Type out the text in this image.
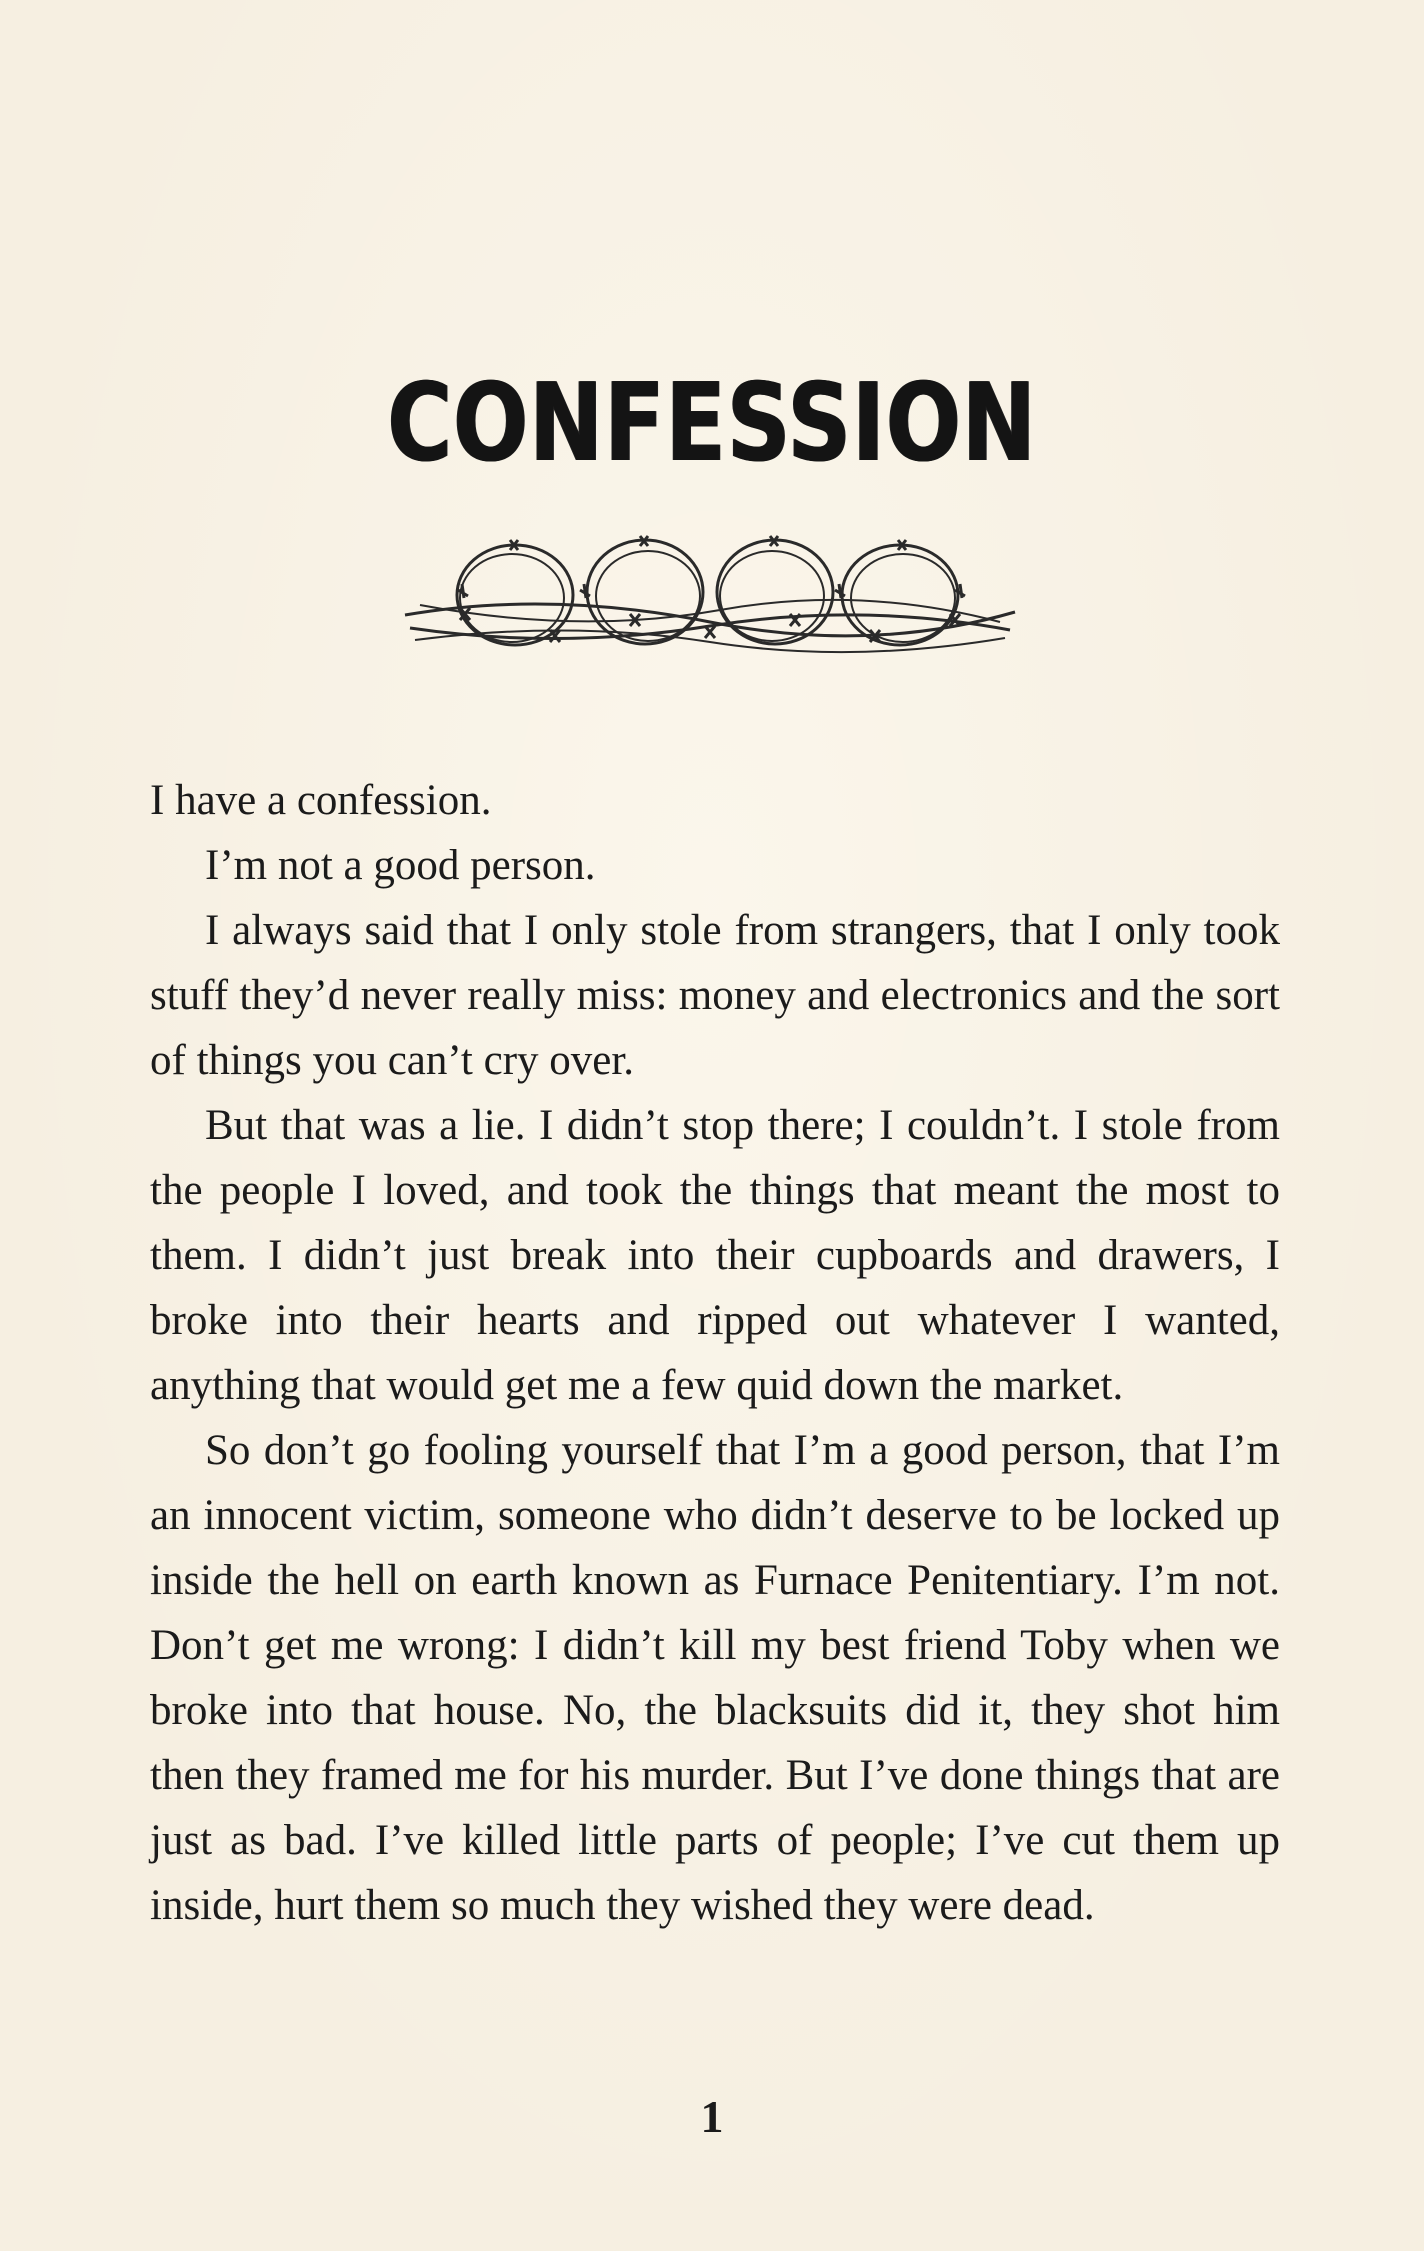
CONFESSION

I have a confession.

I’m not a good person.

I always said that I only stole from strangers, that I only took stuff they’d never really miss: money and electronics and the sort of things you can’t cry over.

But that was a lie. I didn’t stop there; I couldn’t. I stole from the people I loved, and took the things that meant the most to them. I didn’t just break into their cupboards and drawers, I broke into their hearts and ripped out whatever I wanted, anything that would get me a few quid down the market.

So don’t go fooling yourself that I’m a good person, that I’m an innocent victim, someone who didn’t deserve to be locked up inside the hell on earth known as Furnace Penitentiary. I’m not. Don’t get me wrong: I didn’t kill my best friend Toby when we broke into that house. No, the blacksuits did it, they shot him then they framed me for his murder. But I’ve done things that are just as bad. I’ve killed little parts of people; I’ve cut them up inside, hurt them so much they wished they were dead.

1
